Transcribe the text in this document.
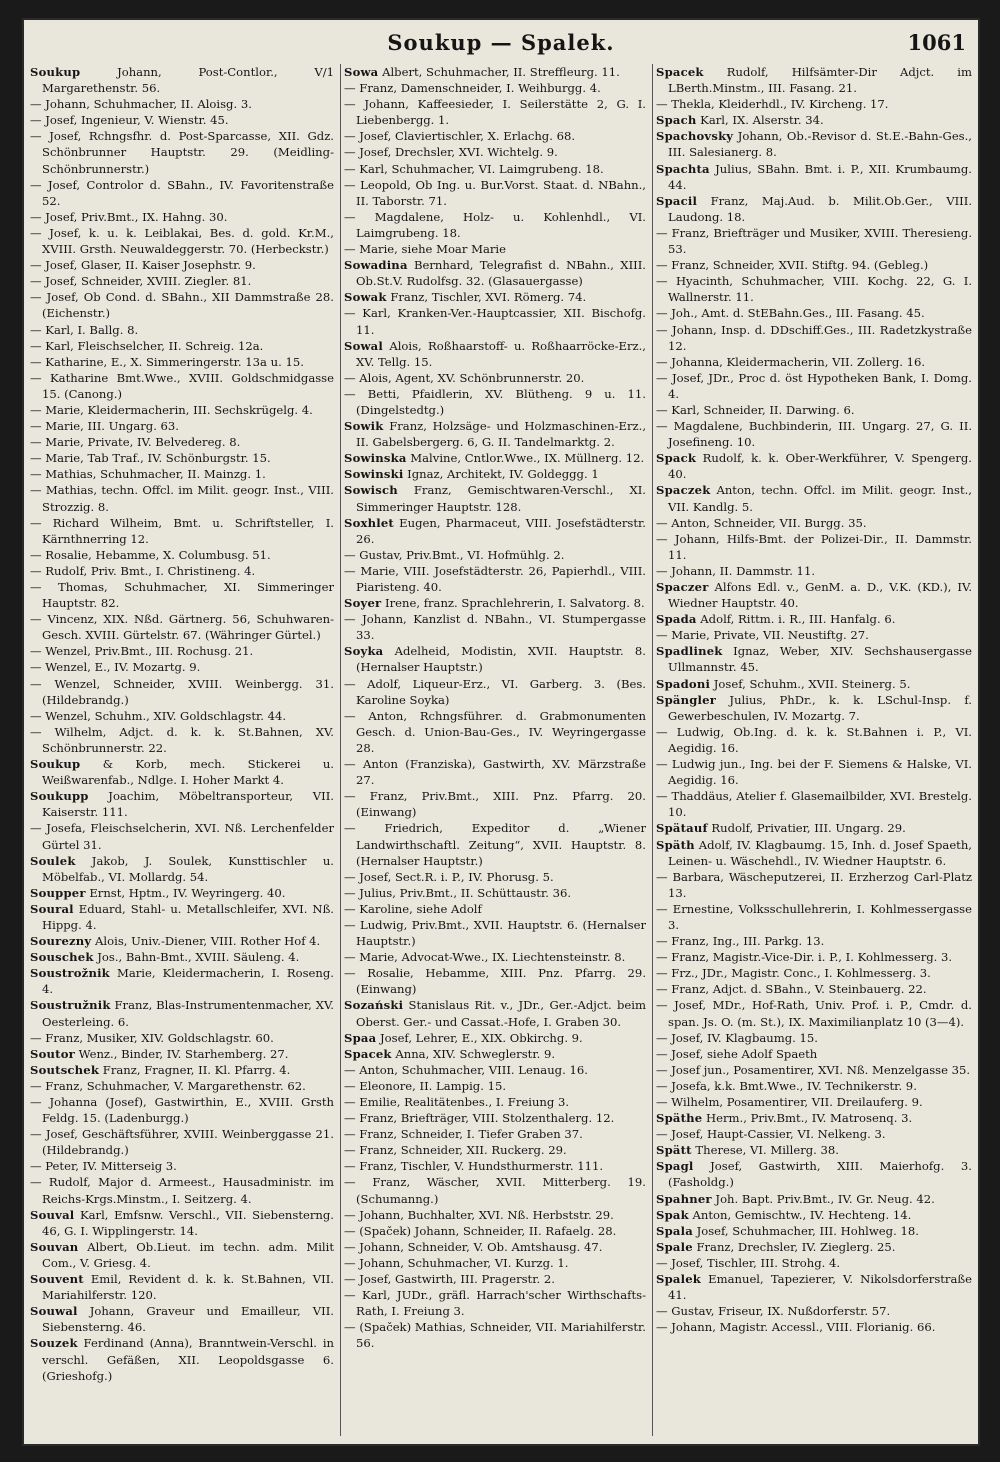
Soukup — Spalek.	1061
Soukup Johann, Post-Contlor., V/1 Margarethenstr. 56.
— Johann, Schuhmacher, II. Aloisg. 3.
— Josef, Ingenieur, V. Wienstr. 45.
— Josef, Rchngsfhr. d. Post-Sparcasse, XII. Gdz. Schönbrunner Hauptstr. 29. (Meidling-Schönbrunnerstr.)
— Josef, Controlor d. SBahn., IV. Favoritenstraße 52.
— Josef, Priv.Bmt., IX. Hahng. 30.
— Josef, k. u. k. Leiblakai, Bes. d. gold. Kr.M., XVIII. Grsth. Neuwaldeggerstr. 70. (Herbeckstr.)
— Josef, Glaser, II. Kaiser Josephstr. 9.
— Josef, Schneider, XVIII. Ziegler. 81.
— Josef, Ob Cond. d. SBahn., XII Dammstraße 28. (Eichenstr.)
— Karl, I. Ballg. 8.
— Karl, Fleischselcher, II. Schreig. 12a.
— Katharine, E., X. Simmeringerstr. 13a u. 15.
— Katharine Bmt.Wwe., XVIII. Goldschmidgasse 15. (Canong.)
— Marie, Kleidermacherin, III. Sechskrügelg. 4.
— Marie, III. Ungarg. 63.
— Marie, Private, IV. Belvedereg. 8.
— Marie, Tab Traf., IV. Schönburgstr. 15.
— Mathias, Schuhmacher, II. Mainzg. 1.
— Mathias, techn. Offcl. im Milit. geogr. Inst., VIII. Strozzig. 8.
— Richard Wilheim, Bmt. u. Schriftsteller, I. Kärnthnerring 12.
— Rosalie, Hebamme, X. Columbusg. 51.
— Rudolf, Priv. Bmt., I. Christineng. 4.
— Thomas, Schuhmacher, XI. Simmeringer Hauptstr. 82.
— Vincenz, XIX. Nßd. Gärtnerg. 56, Schuhwaren-Gesch. XVIII. Gürtelstr. 67. (Währinger Gürtel.)
— Wenzel, Priv.Bmt., III. Rochusg. 21.
— Wenzel, E., IV. Mozartg. 9.
— Wenzel, Schneider, XVIII. Weinbergg. 31. (Hildebrandg.)
— Wenzel, Schuhm., XIV. Goldschlagstr. 44.
— Wilhelm, Adjct. d. k. k. St.Bahnen, XV. Schönbrunnerstr. 22.
Soukup & Korb, mech. Stickerei u. Weißwarenfab., Ndlge. I. Hoher Markt 4.
Soukupp Joachim, Möbeltransporteur, VII. Kaiserstr. 111.
— Josefa, Fleischselcherin, XVI. Nß. Lerchenfelder Gürtel 31.
Soulek Jakob, J. Soulek, Kunsttischler u. Möbelfab., VI. Mollardg. 54.
Soupper Ernst, Hptm., IV. Weyringerg. 40.
Soural Eduard, Stahl- u. Metallschleifer, XVI. Nß. Hippg. 4.
Sourezny Alois, Univ.-Diener, VIII. Rother Hof 4.
Souschek Jos., Bahn-Bmt., XVIII. Säuleng. 4.
Soustrožnik Marie, Kleidermacherin, I. Roseng. 4.
Soustružnik Franz, Blas-Instrumentenmacher, XV. Oesterleing. 6.
— Franz, Musiker, XIV. Goldschlagstr. 60.
Soutor Wenz., Binder, IV. Starhemberg. 27.
Soutschek Franz, Fragner, II. Kl. Pfarrg. 4.
— Franz, Schuhmacher, V. Margarethenstr. 62.
— Johanna (Josef), Gastwirthin, E., XVIII. Grsth Feldg. 15. (Ladenburgg.)
— Josef, Geschäftsführer, XVIII. Weinberggasse 21. (Hildebrandg.)
— Peter, IV. Mitterseig 3.
— Rudolf, Major d. Armeest., Hausadministr. im Reichs-Krgs.Minstm., I. Seitzerg. 4.
Souval Karl, Emfsnw. Verschl., VII. Siebensterng. 46, G. I. Wipplingerstr. 14.
Souvan Albert, Ob.Lieut. im techn. adm. Milit Com., V. Griesg. 4.
Souvent Emil, Revident d. k. k. St.Bahnen, VII. Mariahilferstr. 120.
Souwal Johann, Graveur und Emailleur, VII. Siebensterng. 46.
Souzek Ferdinand (Anna), Branntwein-Verschl. in verschl. Gefäßen, XII. Leopoldsgasse 6. (Grieshofg.)
Sowa Albert, Schuhmacher, II. Streffleurg. 11.
— Franz, Damenschneider, I. Weihburgg. 4.
— Johann, Kaffeesieder, I. Seilerstätte 2, G. I. Liebenbergg. 1.
— Josef, Claviertischler, X. Erlachg. 68.
— Josef, Drechsler, XVI. Wichtelg. 9.
— Karl, Schuhmacher, VI. Laimgrubeng. 18.
— Leopold, Ob Ing. u. Bur.Vorst. Staat. d. NBahn., II. Taborstr. 71.
— Magdalene, Holz- u. Kohlenhdl., VI. Laimgrubeng. 18.
— Marie, siehe Moar Marie
Sowadina Bernhard, Telegrafist d. NBahn., XIII. Ob.St.V. Rudolfsg. 32. (Glasauergasse)
Sowak Franz, Tischler, XVI. Römerg. 74.
— Karl, Kranken-Ver.-Hauptcassier, XII. Bischofg. 11.
Sowal Alois, Roßhaarstoff- u. Roßhaarröcke-Erz., XV. Tellg. 15.
— Alois, Agent, XV. Schönbrunnerstr. 20.
— Betti, Pfaidlerin, XV. Blütheng. 9 u. 11. (Dingelstedtg.)
Sowik Franz, Holzsäge- und Holzmaschinen-Erz., II. Gabelsbergerg. 6, G. II. Tandelmarktg. 2.
Sowinska Malvine, Cntlor.Wwe., IX. Müllnerg. 12.
Sowinski Ignaz, Architekt, IV. Goldeggg. 1
Sowisch Franz, Gemischtwaren-Verschl., XI. Simmeringer Hauptstr. 128.
Soxhlet Eugen, Pharmaceut, VIII. Josefstädterstr. 26.
— Gustav, Priv.Bmt., VI. Hofmühlg. 2.
— Marie, VIII. Josefstädterstr. 26, Papierhdl., VIII. Piaristeng. 40.
Soyer Irene, franz. Sprachlehrerin, I. Salvatorg. 8.
— Johann, Kanzlist d. NBahn., VI. Stumpergasse 33.
Soyka Adelheid, Modistin, XVII. Hauptstr. 8. (Hernalser Hauptstr.)
— Adolf, Liqueur-Erz., VI. Garberg. 3. (Bes. Karoline Soyka)
— Anton, Rchngsführer. d. Grabmonumenten Gesch. d. Union-Bau-Ges., IV. Weyringergasse 28.
— Anton (Franziska), Gastwirth, XV. Märzstraße 27.
— Franz, Priv.Bmt., XIII. Pnz. Pfarrg. 20. (Einwang)
— Friedrich, Expeditor d. „Wiener Landwirthschaftl. Zeitung“, XVII. Hauptstr. 8. (Hernalser Hauptstr.)
— Josef, Sect.R. i. P., IV. Phorusg. 5.
— Julius, Priv.Bmt., II. Schüttaustr. 36.
— Karoline, siehe Adolf
— Ludwig, Priv.Bmt., XVII. Hauptstr. 6. (Hernalser Hauptstr.)
— Marie, Advocat-Wwe., IX. Liechtensteinstr. 8.
— Rosalie, Hebamme, XIII. Pnz. Pfarrg. 29. (Einwang)
Sozański Stanislaus Rit. v., JDr., Ger.-Adjct. beim Oberst. Ger.- und Cassat.-Hofe, I. Graben 30.
Spaa Josef, Lehrer, E., XIX. Obkirchg. 9.
Spacek Anna, XIV. Schweglerstr. 9.
— Anton, Schuhmacher, VIII. Lenaug. 16.
— Eleonore, II. Lampig. 15.
— Emilie, Realitätenbes., I. Freiung 3.
— Franz, Briefträger, VIII. Stolzenthalerg. 12.
— Franz, Schneider, I. Tiefer Graben 37.
— Franz, Schneider, XII. Ruckerg. 29.
— Franz, Tischler, V. Hundsthurmerstr. 111.
— Franz, Wäscher, XVII. Mitterberg. 19. (Schumanng.)
— Johann, Buchhalter, XVI. Nß. Herbststr. 29.
— (Spaček) Johann, Schneider, II. Rafaelg. 28.
— Johann, Schneider, V. Ob. Amtshausg. 47.
— Johann, Schuhmacher, VI. Kurzg. 1.
— Josef, Gastwirth, III. Pragerstr. 2.
— Karl, JUDr., gräfl. Harrach'scher Wirthschafts-Rath, I. Freiung 3.
— (Spaček) Mathias, Schneider, VII. Mariahilferstr. 56.
Spacek Rudolf, Hilfsämter-Dir Adjct. im LBerth.Minstm., III. Fasang. 21.
— Thekla, Kleiderhdl., IV. Kircheng. 17.
Spach Karl, IX. Alserstr. 34.
Spachovsky Johann, Ob.-Revisor d. St.E.-Bahn-Ges., III. Salesianerg. 8.
Spachta Julius, SBahn. Bmt. i. P., XII. Krumbaumg. 44.
Spacil Franz, Maj.Aud. b. Milit.Ob.Ger., VIII. Laudong. 18.
— Franz, Briefträger und Musiker, XVIII. Theresieng. 53.
— Franz, Schneider, XVII. Stiftg. 94. (Gebleg.)
— Hyacinth, Schuhmacher, VIII. Kochg. 22, G. I. Wallnerstr. 11.
— Joh., Amt. d. StEBahn.Ges., III. Fasang. 45.
— Johann, Insp. d. DDschiff.Ges., III. Radetzkystraße 12.
— Johanna, Kleidermacherin, VII. Zollerg. 16.
— Josef, JDr., Proc d. öst Hypotheken Bank, I. Domg. 4.
— Karl, Schneider, II. Darwing. 6.
— Magdalene, Buchbinderin, III. Ungarg. 27, G. II. Josefineng. 10.
Spack Rudolf, k. k. Ober-Werkführer, V. Spengerg. 40.
Spaczek Anton, techn. Offcl. im Milit. geogr. Inst., VII. Kandlg. 5.
— Anton, Schneider, VII. Burgg. 35.
— Johann, Hilfs-Bmt. der Polizei-Dir., II. Dammstr. 11.
— Johann, II. Dammstr. 11.
Spaczer Alfons Edl. v., GenM. a. D., V.K. (KD.), IV. Wiedner Hauptstr. 40.
Spada Adolf, Rittm. i. R., III. Hanfalg. 6.
— Marie, Private, VII. Neustiftg. 27.
Spadlinek Ignaz, Weber, XIV. Sechshausergasse Ullmannstr. 45.
Spadoni Josef, Schuhm., XVII. Steinerg. 5.
Spängler Julius, PhDr., k. k. LSchul-Insp. f. Gewerbeschulen, IV. Mozartg. 7.
— Ludwig, Ob.Ing. d. k. k. St.Bahnen i. P., VI. Aegidig. 16.
— Ludwig jun., Ing. bei der F. Siemens & Halske, VI. Aegidig. 16.
— Thaddäus, Atelier f. Glasemailbilder, XVI. Brestelg. 10.
Spätauf Rudolf, Privatier, III. Ungarg. 29.
Späth Adolf, IV. Klagbaumg. 15, Inh. d. Josef Spaeth, Leinen- u. Wäschehdl., IV. Wiedner Hauptstr. 6.
— Barbara, Wäscheputzerei, II. Erzherzog Carl-Platz 13.
— Ernestine, Volksschullehrerin, I. Kohlmessergasse 3.
— Franz, Ing., III. Parkg. 13.
— Franz, Magistr.-Vice-Dir. i. P., I. Kohlmesserg. 3.
— Frz., JDr., Magistr. Conc., I. Kohlmesserg. 3.
— Franz, Adjct. d. SBahn., V. Steinbauerg. 22.
— Josef, MDr., Hof-Rath, Univ. Prof. i. P., Cmdr. d. span. Js. O. (m. St.), IX. Maximilianplatz 10 (3—4).
— Josef, IV. Klagbaumg. 15.
— Josef, siehe Adolf Spaeth
— Josef jun., Posamentirer, XVI. Nß. Menzelgasse 35.
— Josefa, k.k. Bmt.Wwe., IV. Technikerstr. 9.
— Wilhelm, Posamentirer, VII. Dreilauferg. 9.
Späthe Herm., Priv.Bmt., IV. Matrosenq. 3.
— Josef, Haupt-Cassier, VI. Nelkeng. 3.
Spätt Therese, VI. Millerg. 38.
Spagl Josef, Gastwirth, XIII. Maierhofg. 3. (Fasholdg.)
Spahner Joh. Bapt. Priv.Bmt., IV. Gr. Neug. 42.
Spak Anton, Gemischtw., IV. Hechteng. 14.
Spala Josef, Schuhmacher, III. Hohlweg. 18.
Spale Franz, Drechsler, IV. Zieglerg. 25.
— Josef, Tischler, III. Strohg. 4.
Spalek Emanuel, Tapezierer, V. Nikolsdorferstraße 41.
— Gustav, Friseur, IX. Nußdorferstr. 57.
— Johann, Magistr. Accessl., VIII. Florianig. 66.
